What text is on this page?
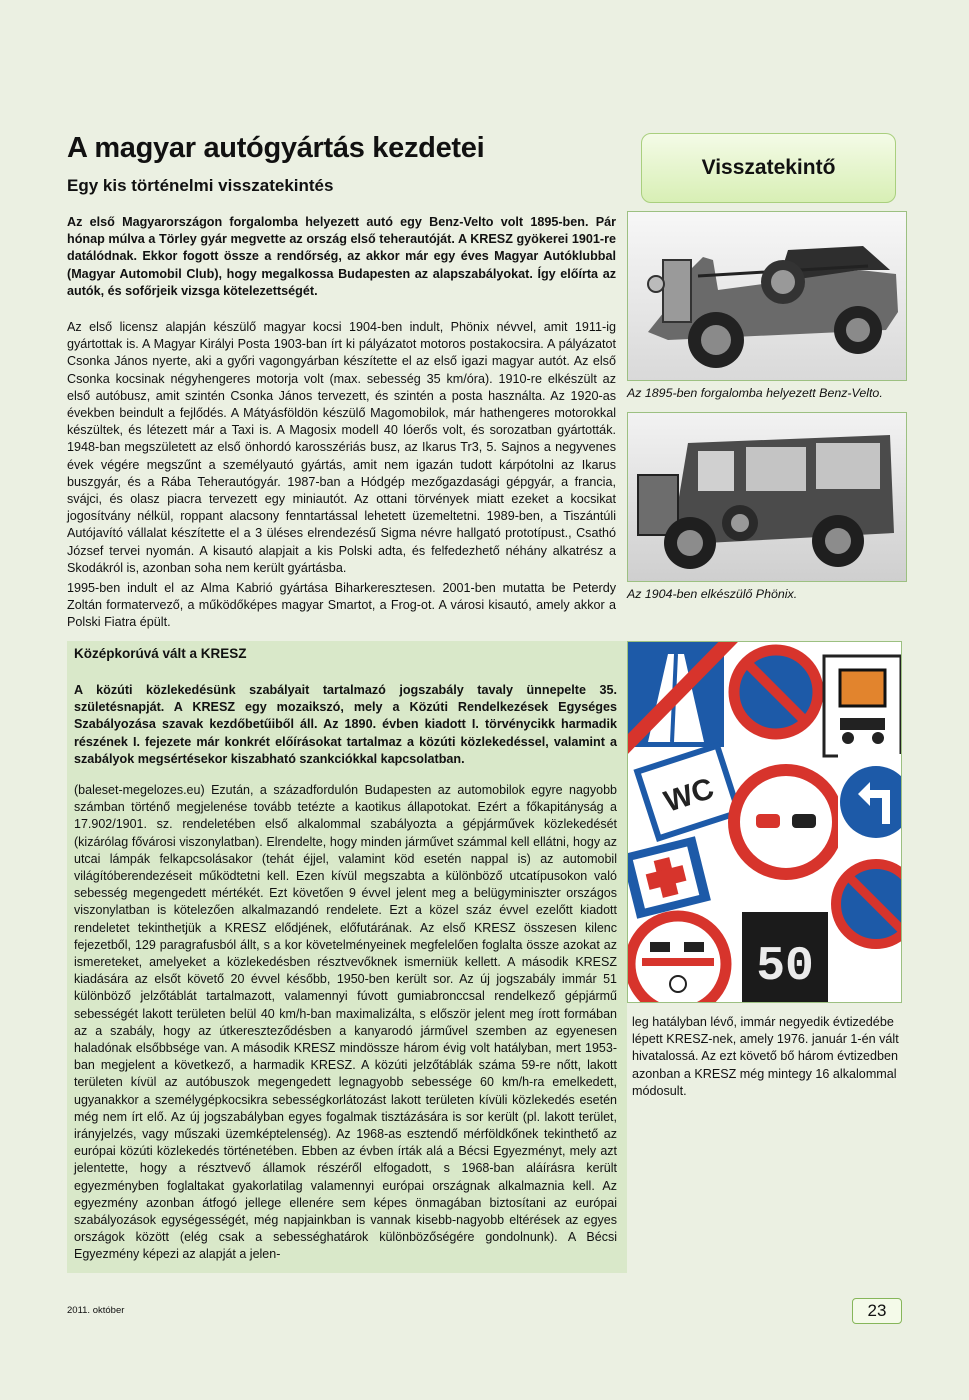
A magyar autógyártás kezdetei
Egy kis történelmi visszatekintés
Visszatekintő

Az első Magyarországon forgalomba helyezett autó egy Benz-Velto volt 1895-ben. Pár hónap múlva a Törley gyár megvette az ország első teherautóját. A KRESZ gyökerei 1901-re datálódnak. Ekkor fogott össze a rendőrség, az akkor már egy éves Magyar Autóklubbal (Magyar Automobil Club), hogy megalkossa Budapesten az alapszabályokat. Így előírta az autók, és sofőrjeik vizsga kötelezettségét.

Az első licensz alapján készülő magyar kocsi 1904-ben indult, Phönix névvel, amit 1911-ig gyártottak is. A Magyar Királyi Posta 1903-ban írt ki pályázatot motoros postakocsira. A pályázatot Csonka János nyerte, aki a győri vagongyárban készítette el az első igazi magyar autót. Az első Csonka kocsinak négyhengeres motorja volt (max. sebesség 35 km/óra). 1910-re elkészült az első autóbusz, amit szintén Csonka János tervezett, és szintén a posta használta. Az 1920-as években beindult a fejlődés. A Mátyásföldön készülő Magomobilok, már hathengeres motorokkal készültek, és létezett már a Taxi is. A Magosix modell 40 lóerős volt, és sorozatban gyártották. 1948-ban megszületett az első önhordó karosszériás busz, az Ikarus Tr3, 5. Sajnos a negyvenes évek végére megszűnt a személyautó gyártás, amit nem igazán tudott kárpótolni az Ikarus buszgyár, és a Rába Teherautógyár. 1987-ban a Hódgép mezőgazdasági gépgyár, a francia, svájci, és olasz piacra tervezett egy miniautót. Az ottani törvények miatt ezeket a kocsikat jogosítvány nélkül, roppant alacsony fenntartással lehetett üzemeltetni. 1989-ben, a Tiszántúli Autójavító vállalat készítette el a 3 üléses elrendezésű Sigma névre hallgató prototípust., Csathó József tervei nyomán. A kisautó alapjait a kis Polski adta, és felfedezhető néhány alkatrész a Skodákról is, azonban soha nem került gyártásba.

1995-ben indult el az Alma Kabrió gyártása Biharkeresztesen. 2001-ben mutatta be Peterdy Zoltán formatervező, a működőképes magyar Smartot, a Frog-ot. A városi kisautó, amely akkor a Polski Fiatra épült.

Az 1895-ben forgalomba helyezett Benz-Velto.
Az 1904-ben elkészülő Phönix.
Középkorúvá vált a KRESZ

A közúti közlekedésünk szabályait tartalmazó jogszabály tavaly ünnepelte 35. születésnapját. A KRESZ egy mozaikszó, mely a Közúti Rendelkezések Egységes Szabályozása szavak kezdőbetűiből áll. Az 1890. évben kiadott I. törvénycikk harmadik részének I. fejezete már konkrét előírásokat tartalmaz a közúti közlekedéssel, valamint a szabályok megsértésekor kiszabható szankciókkal kapcsolatban.

(baleset-megelozes.eu) Ezután, a századfordulón Budapesten az automobilok egyre nagyobb számban történő megjelenése tovább tetézte a kaotikus állapotokat. Ezért a főkapitányság a 17.902/1901. sz. rendeletében első alkalommal szabályozta a gépjárművek közlekedését (kizárólag fővárosi viszonylatban). Elrendelte, hogy minden járművet számmal kell ellátni, hogy az utcai lámpák felkapcsolásakor (tehát éjjel, valamint köd esetén nappal is) az automobil világítóberendezéseit működtetni kell. Ezen kívül megszabta a különböző utcatípusokon való sebesség megengedett mértékét. Ezt követően 9 évvel jelent meg a belügyminiszter országos viszonylatban is kötelezően alkalmazandó rendelete. Ezt a közel száz évvel ezelőtt kiadott rendeletet tekinthetjük a KRESZ elődjének, előfutárának. Az első KRESZ összesen kilenc fejezetből, 129 paragrafusból állt, s a kor követelményeinek megfelelően foglalta össze azokat az ismereteket, amelyeket a közlekedésben résztvevőknek ismerniük kellett. A második KRESZ kiadására az elsőt követő 20 évvel később, 1950-ben került sor. Az új jogszabály immár 51 különböző jelzőtáblát tartalmazott, valamennyi fúvott gumiabronccsal rendelkező gépjármű sebességét lakott területen belül 40 km/h-ban maximalizálta, s először jelent meg írott formában az a szabály, hogy az útkereszteződésben a kanyarodó járművel szemben az egyenesen haladónak elsőbbsége van. A második KRESZ mindössze három évig volt hatályban, mert 1953-ban megjelent a következő, a harmadik KRESZ. A közúti jelzőtáblák száma 59-re nőtt, lakott területen kívül az autóbuszok megengedett legnagyobb sebessége 60 km/h-ra emelkedett, ugyanakkor a személygépkocsikra sebességkorlátozást lakott területen kívüli közlekedés esetén még nem írt elő. Az új jogszabályban egyes fogalmak tisztázására is sor került (pl. lakott terület, irányjelzés, vagy műszaki üzemképtelenség). Az 1968-as esztendő mérföldkőnek tekinthető az európai közúti közlekedés történetében. Ebben az évben írták alá a Bécsi Egyezményt, mely azt jelentette, hogy a résztvevő államok részéről elfogadott, s 1968-ban aláírásra került egyezményben foglaltakat gyakorlatilag valamennyi európai országnak alkalmaznia kell. Az egyezmény azonban átfogó jellege ellenére sem képes önmagában biztosítani az európai szabályozások egységességét, még napjainkban is vannak kisebb-nagyobb eltérések az egyes országok között (elég csak a sebességhatárok különbözőségére gondolnunk). A Bécsi Egyezmény képezi az alapját a jelen-

WC
50

leg hatályban lévő, immár negyedik évtizedébe lépett KRESZ-nek, amely 1976. január 1-én vált hivatalossá. Az ezt követő bő három évtizedben azonban a KRESZ még mintegy 16 alkalommal módosult.

2011. október	23
